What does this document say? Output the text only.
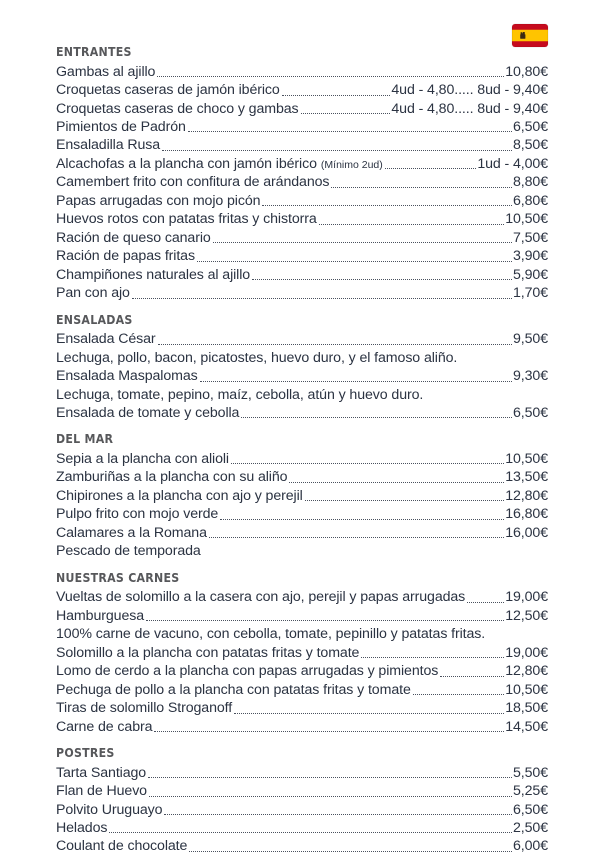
ENTRANTES
Gambas al ajillo	10,80€
Croquetas caseras de jamón ibérico	4ud - 4,80..... 8ud - 9,40€
Croquetas caseras de choco y gambas	4ud - 4,80..... 8ud - 9,40€
Pimientos de Padrón	6,50€
Ensaladilla Rusa	8,50€
Alcachofas a la plancha con jamón ibérico (Mínimo 2ud)	1ud - 4,00€
Camembert frito con confitura de arándanos	8,80€
Papas arrugadas con mojo picón	6,80€
Huevos rotos con patatas fritas y chistorra	10,50€
Ración de queso canario	7,50€
Ración de papas fritas	3,90€
Champiñones naturales al ajillo	5,90€
Pan con ajo	1,70€
ENSALADAS
Ensalada César	9,50€
Lechuga, pollo, bacon, picatostes, huevo duro, y el famoso aliño.
Ensalada Maspalomas	9,30€
Lechuga, tomate, pepino, maíz, cebolla, atún y huevo duro.
Ensalada de tomate y cebolla	6,50€
DEL MAR
Sepia a la plancha con alioli	10,50€
Zamburiñas a la plancha con su aliño	13,50€
Chipirones a la plancha con ajo y perejil	12,80€
Pulpo frito con mojo verde	16,80€
Calamares a la Romana	16,00€
Pescado de temporada
NUESTRAS CARNES
Vueltas de solomillo a la casera con ajo, perejil y papas arrugadas	19,00€
Hamburguesa	12,50€
100% carne de vacuno, con cebolla, tomate, pepinillo y patatas fritas.
Solomillo a la plancha con patatas fritas y tomate	19,00€
Lomo de cerdo a la plancha con papas arrugadas y pimientos	12,80€
Pechuga de pollo a la plancha con patatas fritas y tomate	10,50€
Tiras de solomillo Stroganoff	18,50€
Carne de cabra	14,50€
POSTRES
Tarta Santiago	5,50€
Flan de Huevo	5,25€
Polvito Uruguayo	6,50€
Helados	2,50€
Coulant de chocolate	6,00€
